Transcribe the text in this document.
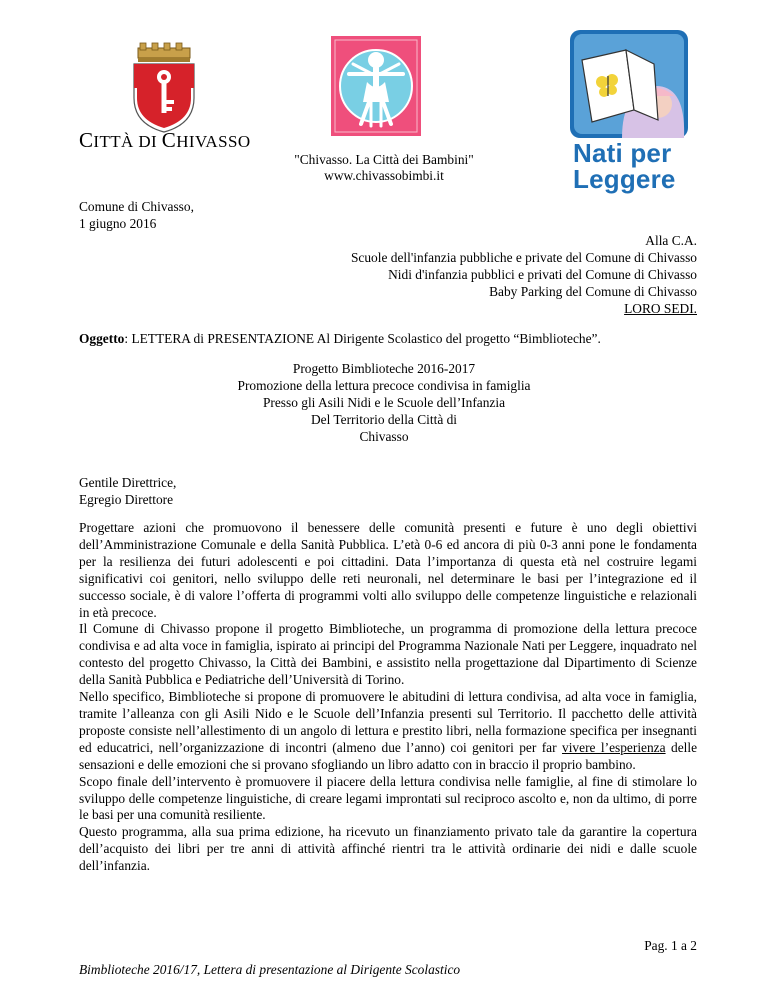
CITTÀ DI CHIVASSO
"Chivasso. La Città dei Bambini"
www.chivassobimbi.it
Nati per
Leggere
Comune di Chivasso,
1 giugno 2016
Alla C.A.
Scuole dell'infanzia pubbliche e private del Comune di Chivasso
Nidi d'infanzia pubblici e privati del Comune di Chivasso
Baby Parking del Comune di Chivasso
LORO SEDI.
Oggetto: LETTERA di PRESENTAZIONE Al Dirigente Scolastico del progetto “Bimblioteche”.
Progetto Bimblioteche 2016-2017
Promozione della lettura precoce condivisa in famiglia
Presso gli Asili Nidi e le Scuole dell’Infanzia
Del Territorio della Città di
Chivasso
Gentile Direttrice,
Egregio Direttore

Progettare azioni che promuovono il benessere delle comunità presenti e future è uno degli obiettivi dell’Amministrazione Comunale e della Sanità Pubblica. L’età 0-6 ed ancora di più 0-3 anni pone le fondamenta per la resilienza dei futuri adolescenti e poi cittadini. Data l’importanza di questa età nel costruire legami significativi coi genitori, nello sviluppo delle reti neuronali, nel determinare le basi per l’integrazione ed il successo sociale, è di valore l’offerta di programmi volti allo sviluppo delle competenze linguistiche e relazionali in età precoce.

Il Comune di Chivasso propone il progetto Bimblioteche, un programma di promozione della lettura precoce condivisa e ad alta voce in famiglia, ispirato ai principi del Programma Nazionale Nati per Leggere, inquadrato nel contesto del progetto Chivasso, la Città dei Bambini, e assistito nella progettazione dal Dipartimento di Scienze della Sanità Pubblica e Pediatriche dell’Università di Torino.

Nello specifico, Bimblioteche si propone di promuovere le abitudini di lettura condivisa, ad alta voce in famiglia, tramite l’alleanza con gli Asili Nido e le Scuole dell’Infanzia presenti sul Territorio. Il pacchetto delle attività proposte consiste nell’allestimento di un angolo di lettura e prestito libri, nella formazione specifica per insegnanti ed educatrici, nell’organizzazione di incontri (almeno due l’anno) coi genitori per far vivere l’esperienza delle sensazioni e delle emozioni che si provano sfogliando un libro adatto con in braccio il proprio bambino.

Scopo finale dell’intervento è promuovere il piacere della lettura condivisa nelle famiglie, al fine di stimolare lo sviluppo delle competenze linguistiche, di creare legami improntati sul reciproco ascolto e, non da ultimo, di porre le basi per una comunità resiliente.

Questo programma, alla sua prima edizione, ha ricevuto un finanziamento privato tale da garantire la copertura dell’acquisto dei libri per tre anni di attività affinché rientri tra le attività ordinarie dei nidi e dalle scuole dell’infanzia.

Pag. 1 a 2
Bimblioteche 2016/17, Lettera di presentazione al Dirigente Scolastico
